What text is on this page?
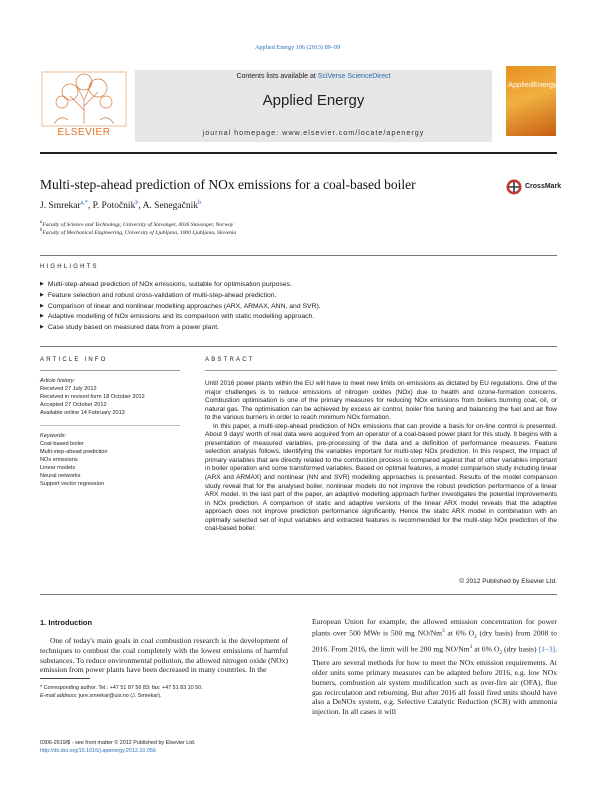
Applied Energy 106 (2013) 89–99
ELSEVIER
Contents lists available at SciVerse ScienceDirect
Applied Energy
journal homepage: www.elsevier.com/locate/apenergy
AppliedEnergy
Multi-step-ahead prediction of NOx emissions for a coal-based boiler	CrossMark
J. Smrekar$^{a,*}$, P. Potočnik$^b$, A. Senegačnik$^b$
$^a$Faculty of Science and Technology, University of Stavanger, 4036 Stavanger, Norway
$^b$Faculty of Mechanical Engineering, University of Ljubljana, 1000 Ljubljana, Slovenia
HIGHLIGHTS
▶ Multi-step-ahead prediction of NOx emissions, suitable for optimisation purposes.
▶ Feature selection and robust cross-validation of multi-step-ahead prediction.
▶ Comparison of linear and nonlinear modelling approaches (ARX, ARMAX, ANN, and SVR).
▶ Adaptive modelling of NOx emissions and its comparison with static modelling approach.
▶ Case study based on measured data from a power plant.
ARTICLE INFO	ABSTRACT
Article history:
Received 27 July 2012
Received in revised form 18 October 2012
Accepted 27 October 2012
Available online 14 February 2013
Keywords:
Coal-based boiler
Multi-step-ahead prediction
NOx emissions
Linear models
Neural networks
Support vector regression

Until 2016 power plants within the EU will have to meet new limits on emissions as dictated by EU regulations. One of the major challenges is to reduce emissions of nitrogen oxides (NOx) due to health and ozone-formation concerns. Combustion optimisation is one of the primary measures for reducing NOx emissions from boilers burning coal, oil, or natural gas. The optimisation can be achieved by excess air control, boiler fine tuning and balancing the fuel and air flow to the various burners in order to reach minimum NOx formation.

In this paper, a multi-step-ahead prediction of NOx emissions that can provide a basis for on-line control is presented. About 9 days' worth of real data were acquired from an operator of a coal-based power plant for this study. It begins with a presentation of measured variables, pre-processing of the data and a definition of performance measures. Feature selection analysis follows, identifying the variables important for multi-step NOx prediction. In this respect, the impact of primary variables that are directly related to the combustion process is compared against that of other variables important in boiler operation and some transformed variables. Based on optimal features, a model comparison study including linear (ARX and ARMAX) and nonlinear (NN and SVR) modelling approaches is presented. Results of the model comparison study reveal that for the analysed boiler, nonlinear models do not improve the robust prediction performance of a linear ARX model. In the last part of the paper, an adaptive modelling approach further investigates the potential improvements in NOx prediction. A comparison of static and adaptive versions of the linear ARX model reveals that the adaptive approach does not improve prediction performance significantly. Hence the static ARX model in combination with an optimally selected set of input variables and extracted features is recommended for the multi-step NOx prediction of the coal-based boiler.

© 2012 Published by Elsevier Ltd.
1. Introduction

One of today's main goals in coal combustion research is the development of techniques to combust the coal completely with the lowest emissions of harmful substances. To reduce environmental pollution, the allowed nitrogen oxide (NOx) emission from power plants have been decreased in many countries. In the

European Union for example, the allowed emission concentration for power plants over 500 MWe is 500 mg NO/Nm$^3$ at 6% $O_2$ (dry basis) from 2008 to 2016. From 2016, the limit will be 200 mg NO/Nm$^3$ at 6% $O_2$ (dry basis) [1–3]. There are several methods for how to meet the NOx emission requirements. At older units some primary measures can be adapted before 2016, e.g. low NOx burners, combustion air system modification such as over-fire air (OFA), flue gas recirculation and reburning. But after 2016 all fossil fired units should have also a DeNOx system, e.g. Selective Catalytic Reduction (SCR) with ammonia injection. In all cases it will

* Corresponding author. Tel.: +47 51 87 56 83; fax: +47 51 83 10 50.
E-mail address: jure.smrekar@uis.no (J. Smrekar).
0306-2619/$ - see front matter © 2012 Published by Elsevier Ltd.
http://dx.doi.org/10.1016/j.apenergy.2012.10.056
